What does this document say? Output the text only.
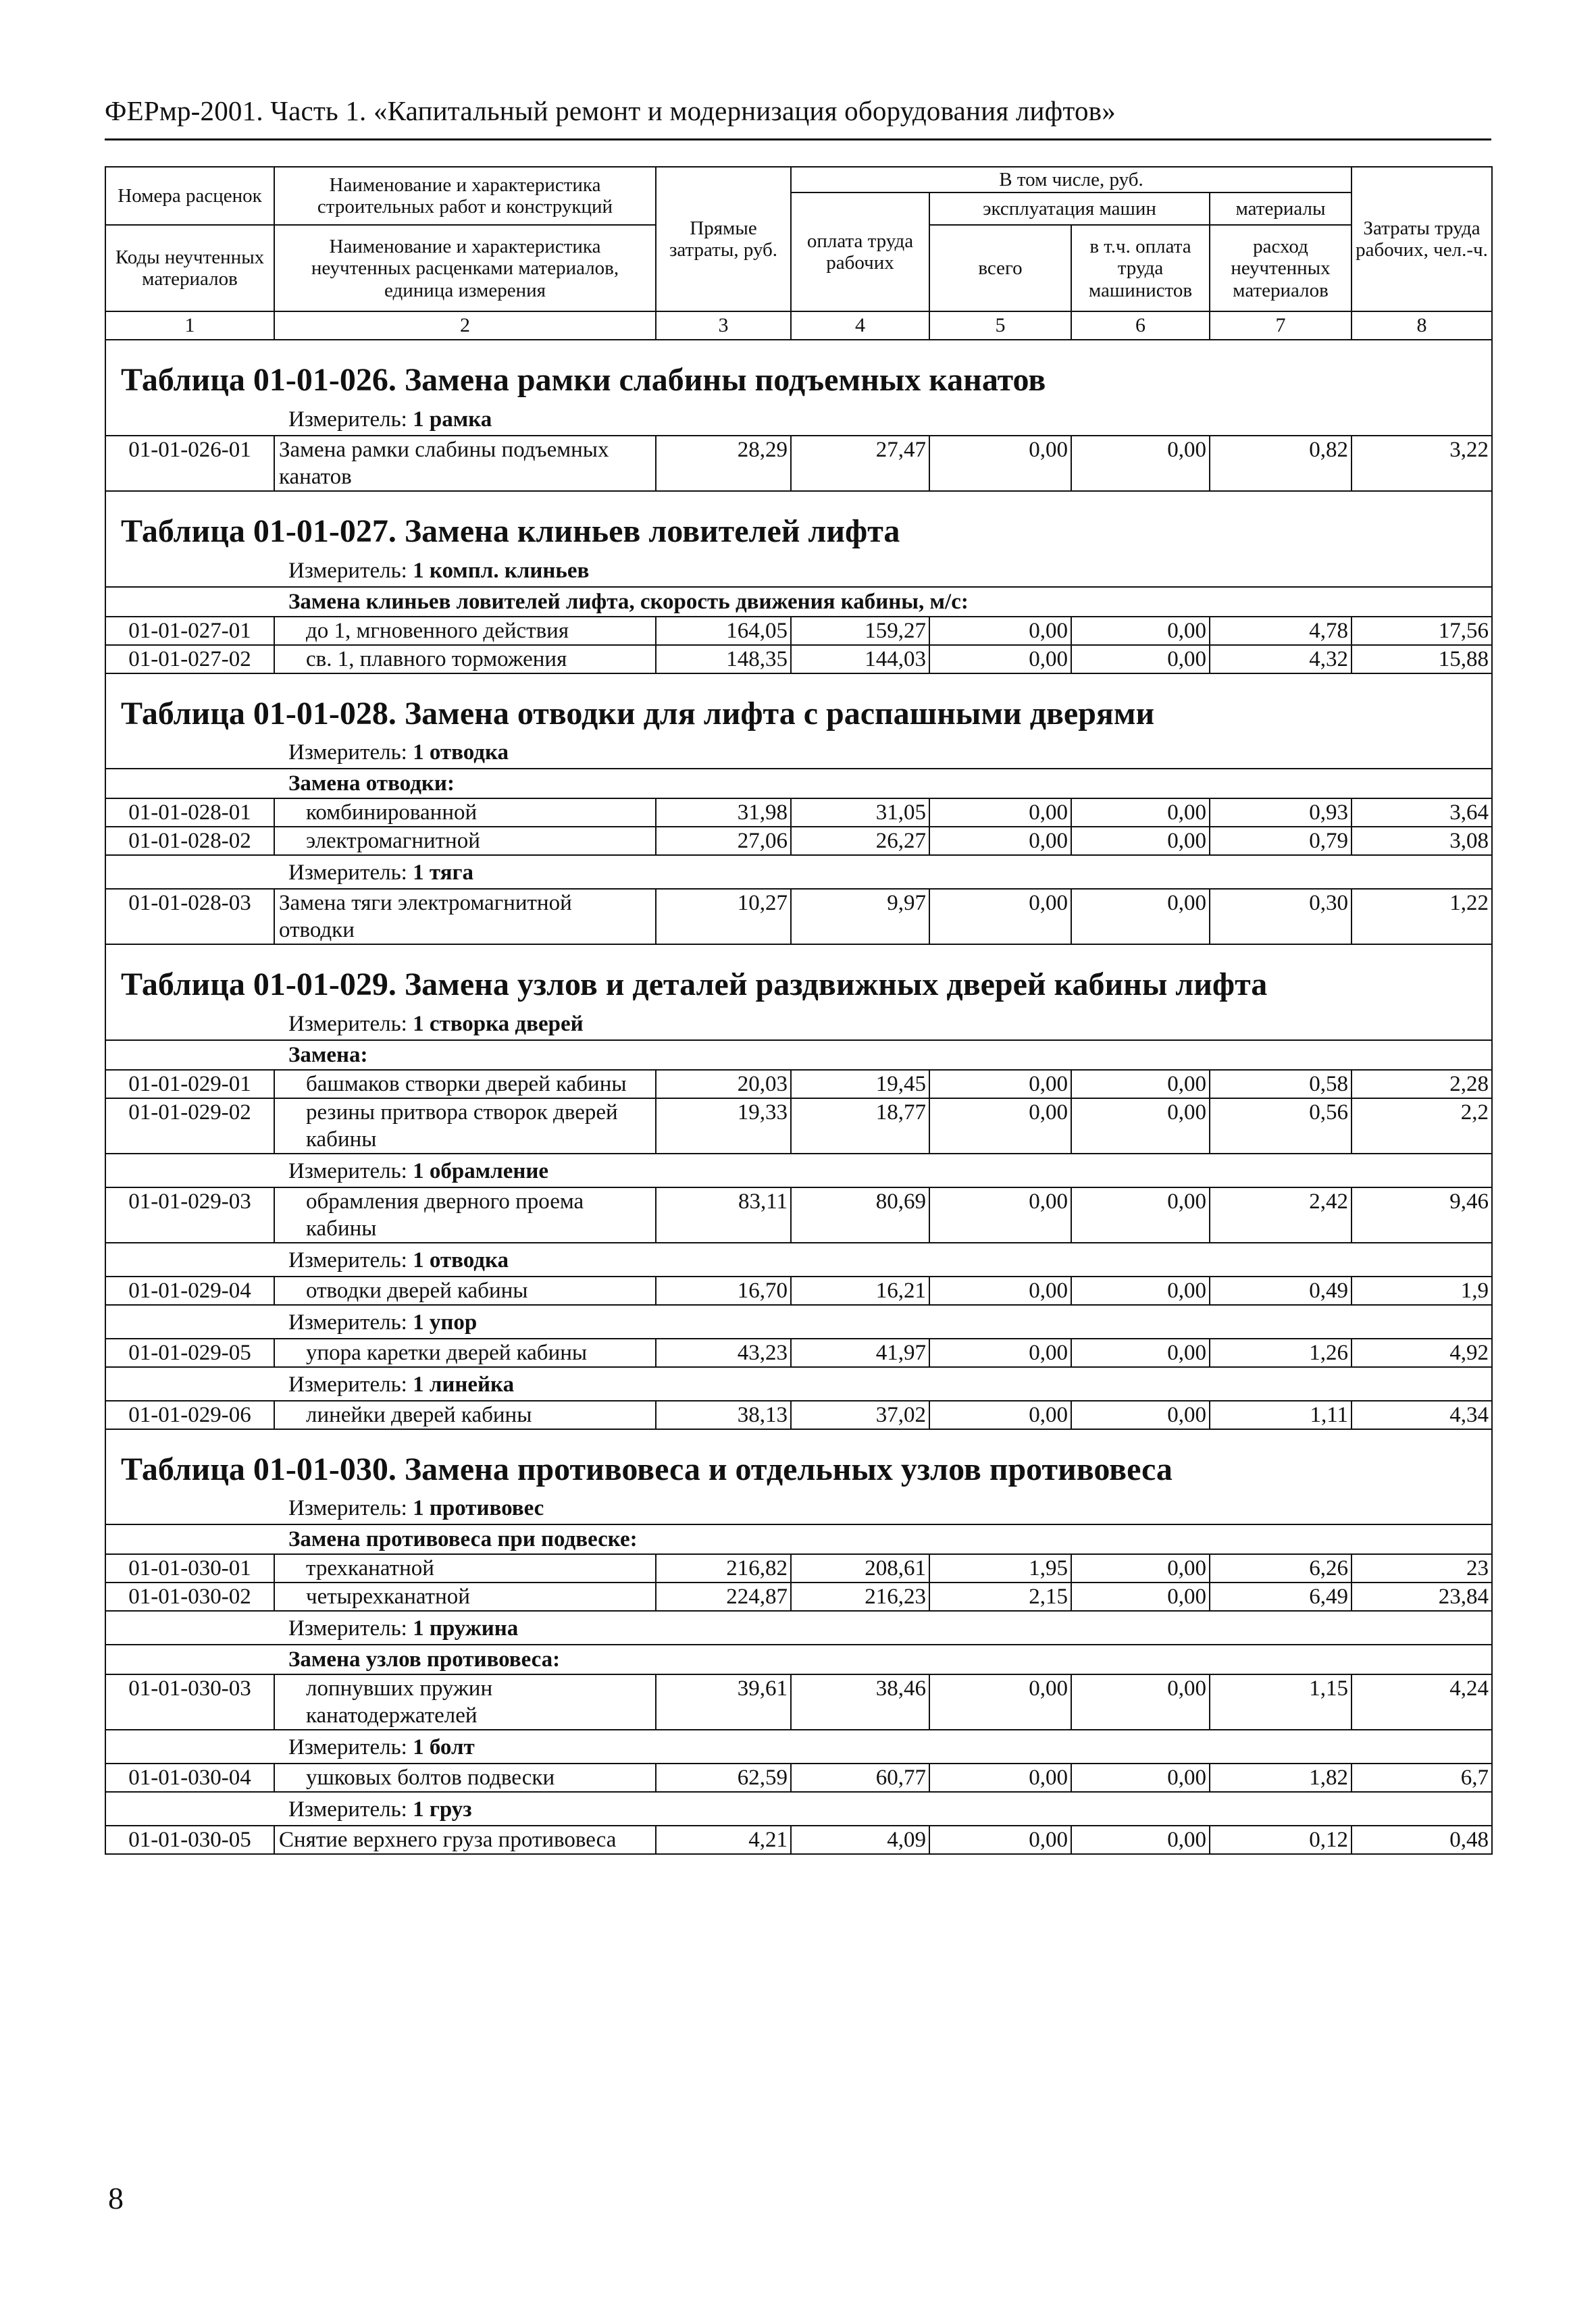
ФЕРмр-2001. Часть 1. «Капитальный ремонт и модернизация оборудования лифтов»
Номера расценок	Наименование и характеристика строительных работ и конструкций	Прямые затраты, руб.	В том числе, руб.				Затраты труда рабочих, чел.-ч.
			оплата труда рабочих	эксплуатация машин		материалы	
Коды неучтенных материалов	Наименование и характеристика неучтенных расценками материалов, единица измерения			всего	в т.ч. оплата труда машинистов	расход неучтенных материалов	

1	2	3	4	5	6	7	8

Таблица 01-01-026. Замена рамки слабины подъемных канатов							
Измеритель: 1 рамка							
01-01-026-01	Замена рамки слабины подъемных канатов	28,29	27,47	0,00	0,00	0,82	3,22

Таблица 01-01-027. Замена клиньев ловителей лифта							
Измеритель: 1 компл. клиньев							
Замена клиньев ловителей лифта, скорость движения кабины, м/с:							
01-01-027-01	до 1, мгновенного действия	164,05	159,27	0,00	0,00	4,78	17,56
01-01-027-02	св. 1, плавного торможения	148,35	144,03	0,00	0,00	4,32	15,88

Таблица 01-01-028. Замена отводки для лифта с распашными дверями							
Измеритель: 1 отводка							
Замена отводки:							
01-01-028-01	комбинированной	31,98	31,05	0,00	0,00	0,93	3,64
01-01-028-02	электромагнитной	27,06	26,27	0,00	0,00	0,79	3,08
Измеритель: 1 тяга							
01-01-028-03	Замена тяги электромагнитной отводки	10,27	9,97	0,00	0,00	0,30	1,22

Таблица 01-01-029. Замена узлов и деталей раздвижных дверей кабины лифта							
Измеритель: 1 створка дверей							
Замена:							
01-01-029-01	башмаков створки дверей кабины	20,03	19,45	0,00	0,00	0,58	2,28
01-01-029-02	резины притвора створок дверей кабины	19,33	18,77	0,00	0,00	0,56	2,2
Измеритель: 1 обрамление							
01-01-029-03	обрамления дверного проема кабины	83,11	80,69	0,00	0,00	2,42	9,46
Измеритель: 1 отводка							
01-01-029-04	отводки дверей кабины	16,70	16,21	0,00	0,00	0,49	1,9
Измеритель: 1 упор							
01-01-029-05	упора каретки дверей кабины	43,23	41,97	0,00	0,00	1,26	4,92
Измеритель: 1 линейка							
01-01-029-06	линейки дверей кабины	38,13	37,02	0,00	0,00	1,11	4,34

Таблица 01-01-030. Замена противовеса и отдельных узлов противовеса							
Измеритель: 1 противовес							
Замена противовеса при подвеске:							
01-01-030-01	трехканатной	216,82	208,61	1,95	0,00	6,26	23
01-01-030-02	четырехканатной	224,87	216,23	2,15	0,00	6,49	23,84
Измеритель: 1 пружина							
Замена узлов противовеса:							
01-01-030-03	лопнувших пружин канатодержателей	39,61	38,46	0,00	0,00	1,15	4,24
Измеритель: 1 болт							
01-01-030-04	ушковых болтов подвески	62,59	60,77	0,00	0,00	1,82	6,7
Измеритель: 1 груз							
01-01-030-05	Снятие верхнего груза противовеса	4,21	4,09	0,00	0,00	0,12	0,48
8
